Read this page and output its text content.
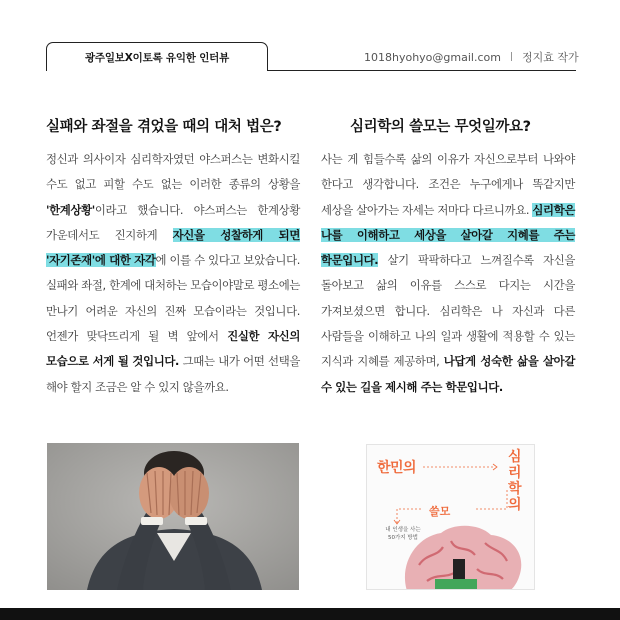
광주일보X이토록 유익한 인터뷰	1018hyohyo@gmail.com | 정지효 작가
실패와 좌절을 겪었을 때의 대처 법은?

정신과 의사이자 심리학자였던 야스퍼스는 변화시킬 수도 없고 피할 수도 없는 이러한 종류의 상황을 '한계상황'이라고 했습니다. 야스퍼스는 한계상황 가운데서도 진지하게 자신을 성찰하게 되면 '자기존재'에 대한 자각에 이를 수 있다고 보았습니다. 실패와 좌절, 한계에 대처하는 모습이야말로 평소에는 만나기 어려운 자신의 진짜 모습이라는 것입니다. 언젠가 맞닥뜨리게 될 벽 앞에서 진실한 자신의 모습으로 서게 될 것입니다. 그때는 내가 어떤 선택을 해야 할지 조금은 알 수 있지 않을까요.

심리학의 쓸모는 무엇일까요?

사는 게 힘들수록 삶의 이유가 자신으로부터 나와야 한다고 생각합니다. 조건은 누구에게나 똑같지만 세상을 살아가는 자세는 저마다 다르니까요. 심리학은 나를 이해하고 세상을 살아갈 지혜를 주는 학문입니다. 살기 팍팍하다고 느껴질수록 자신을 돌아보고 삶의 이유를 스스로 다지는 시간을 가져보셨으면 합니다. 심리학은 나 자신과 다른 사람들을 이해하고 나의 일과 생활에 적용할 수 있는 지식과 지혜를 제공하며, 나답게 성숙한 삶을 살아갈 수 있는 길을 제시해 주는 학문입니다.

한민의
쓸모
심리학의
내 인생을 사는 50가지 방법
